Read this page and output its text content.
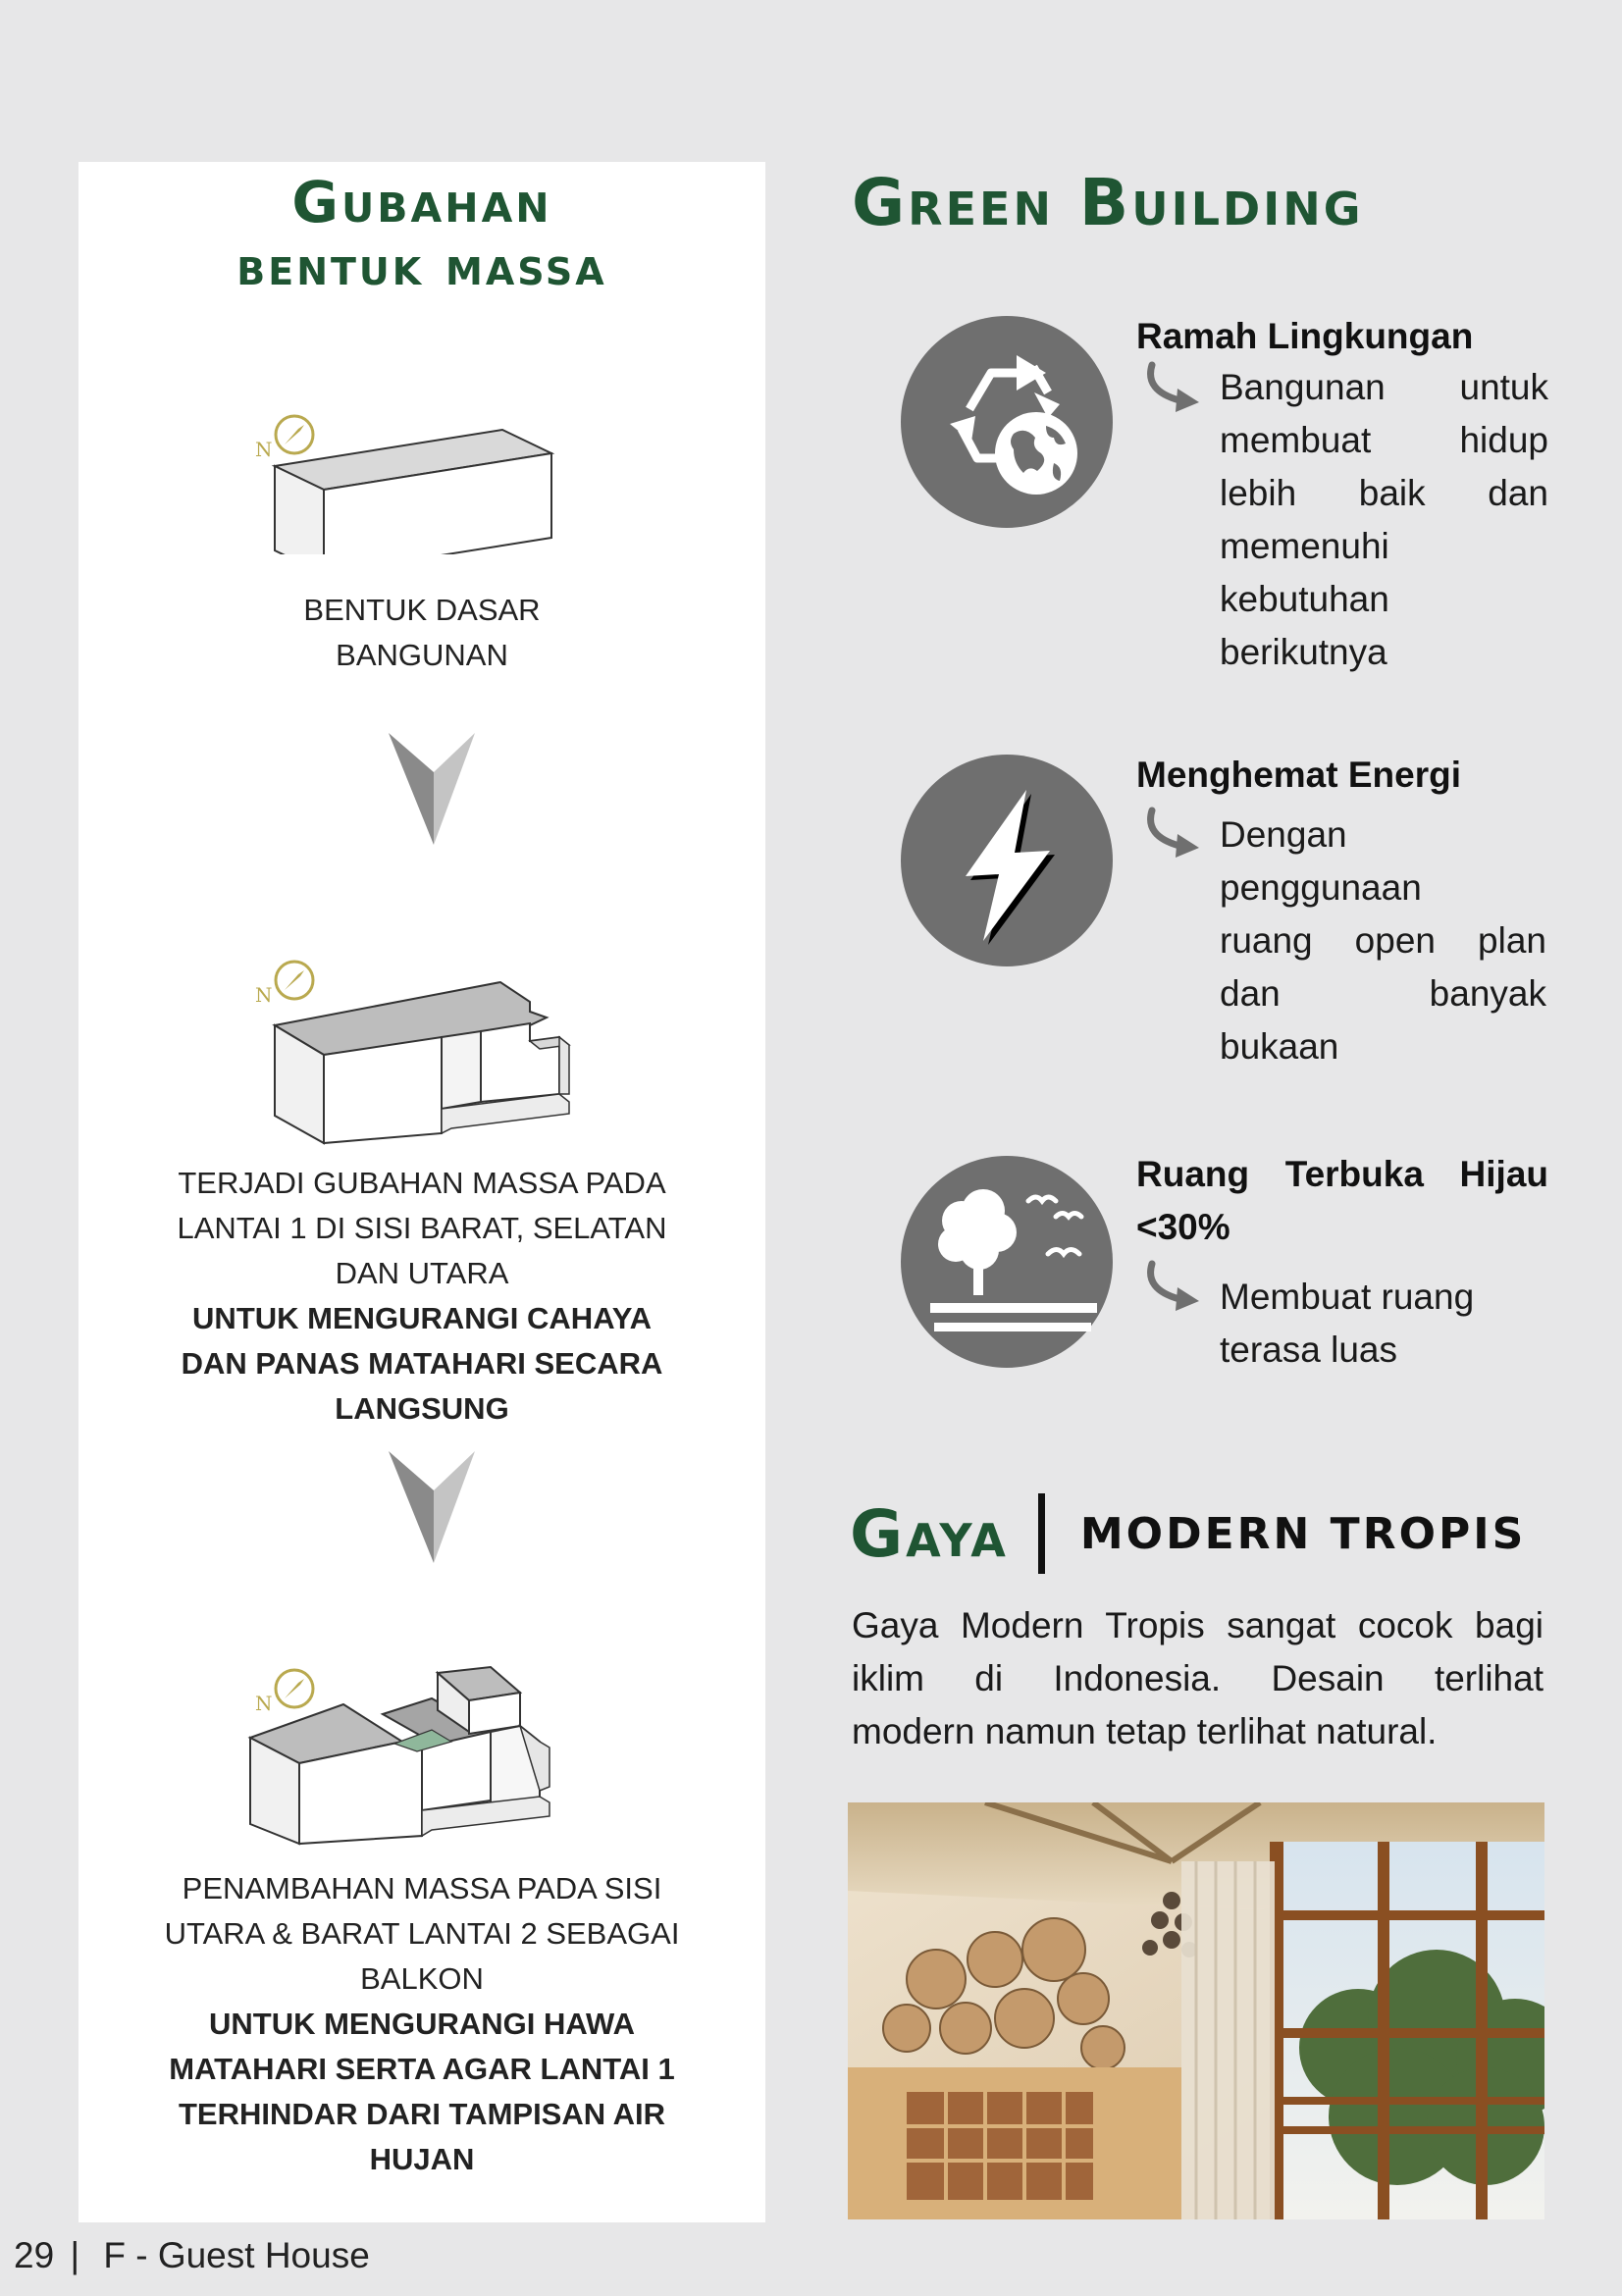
Gubahan
bentuk massa
N
BENTUK DASAR
BANGUNAN
N
TERJADI GUBAHAN MASSA PADA
LANTAI 1 DI SISI BARAT, SELATAN
DAN UTARA
UNTUK MENGURANGI CAHAYA
DAN PANAS MATAHARI SECARA
LANGSUNG
N
PENAMBAHAN MASSA PADA SISI
UTARA & BARAT LANTAI 2 SEBAGAI
BALKON
UNTUK MENGURANGI HAWA
MATAHARI SERTA AGAR LANTAI 1
TERHINDAR DARI TAMPISAN AIR
HUJAN
Green Building
Ramah Lingkungan
Bangunan untuk
membuat hidup
lebih baik dan
memenuhi
kebutuhan
berikutnya
Menghemat Energi
Dengan
penggunaan
ruang open plan
dan banyak
bukaan
Ruang Terbuka Hijau
<30%
Membuat ruang
terasa luas
Gaya MODERN TROPIS
Gaya Modern Tropis sangat cocok bagi
iklim di Indonesia. Desain terlihat
modern namun tetap terlihat natural.
29 | F - Guest House
